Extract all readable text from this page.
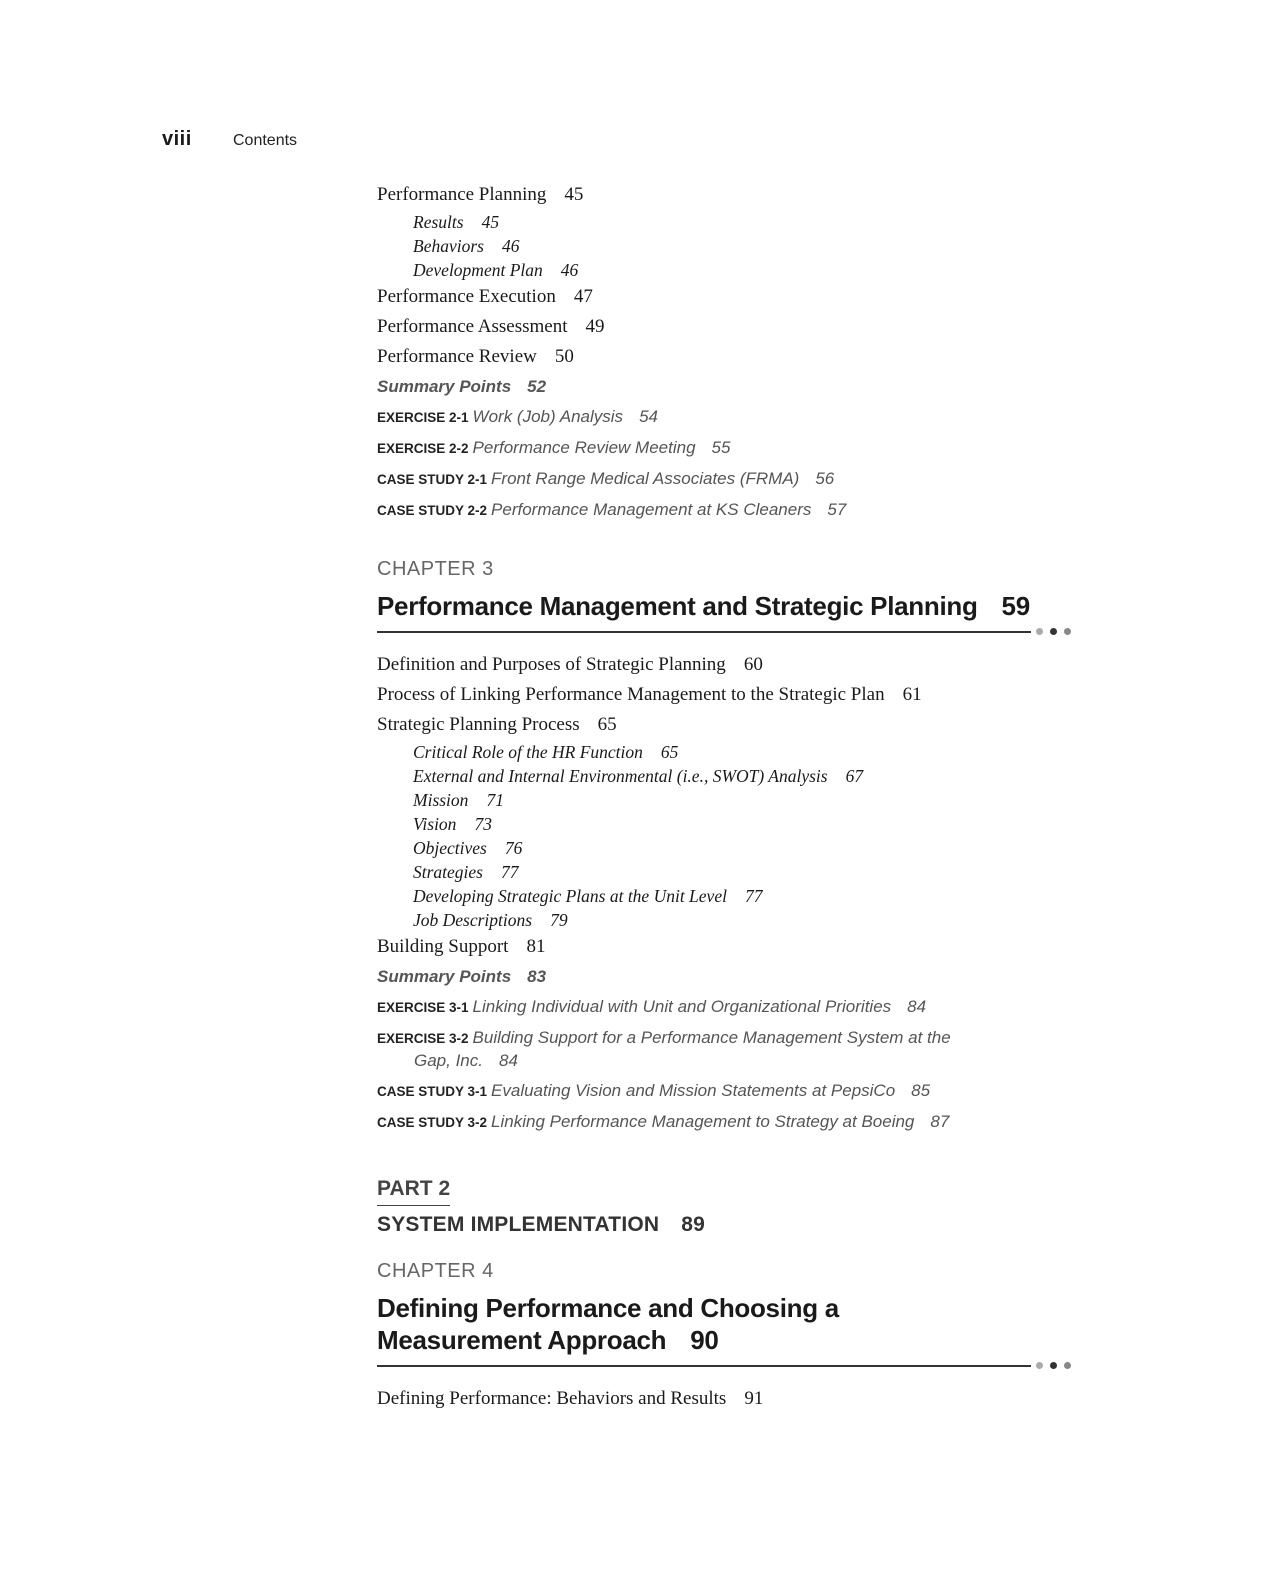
viii	Contents
Performance Planning 45
Results 45
Behaviors 46
Development Plan 46
Performance Execution 47
Performance Assessment 49
Performance Review 50
Summary Points 52
EXERCISE 2-1 Work (Job) Analysis 54
EXERCISE 2-2 Performance Review Meeting 55
CASE STUDY 2-1 Front Range Medical Associates (FRMA) 56
CASE STUDY 2-2 Performance Management at KS Cleaners 57
CHAPTER 3
Performance Management and Strategic Planning 59
Definition and Purposes of Strategic Planning 60
Process of Linking Performance Management to the Strategic Plan 61
Strategic Planning Process 65
Critical Role of the HR Function 65
External and Internal Environmental (i.e., SWOT) Analysis 67
Mission 71
Vision 73
Objectives 76
Strategies 77
Developing Strategic Plans at the Unit Level 77
Job Descriptions 79
Building Support 81
Summary Points 83
EXERCISE 3-1 Linking Individual with Unit and Organizational Priorities 84
EXERCISE 3-2 Building Support for a Performance Management System at the
Gap, Inc. 84
CASE STUDY 3-1 Evaluating Vision and Mission Statements at PepsiCo 85
CASE STUDY 3-2 Linking Performance Management to Strategy at Boeing 87
PART 2
SYSTEM IMPLEMENTATION 89
CHAPTER 4
Defining Performance and Choosing a
Measurement Approach 90
Defining Performance: Behaviors and Results 91
